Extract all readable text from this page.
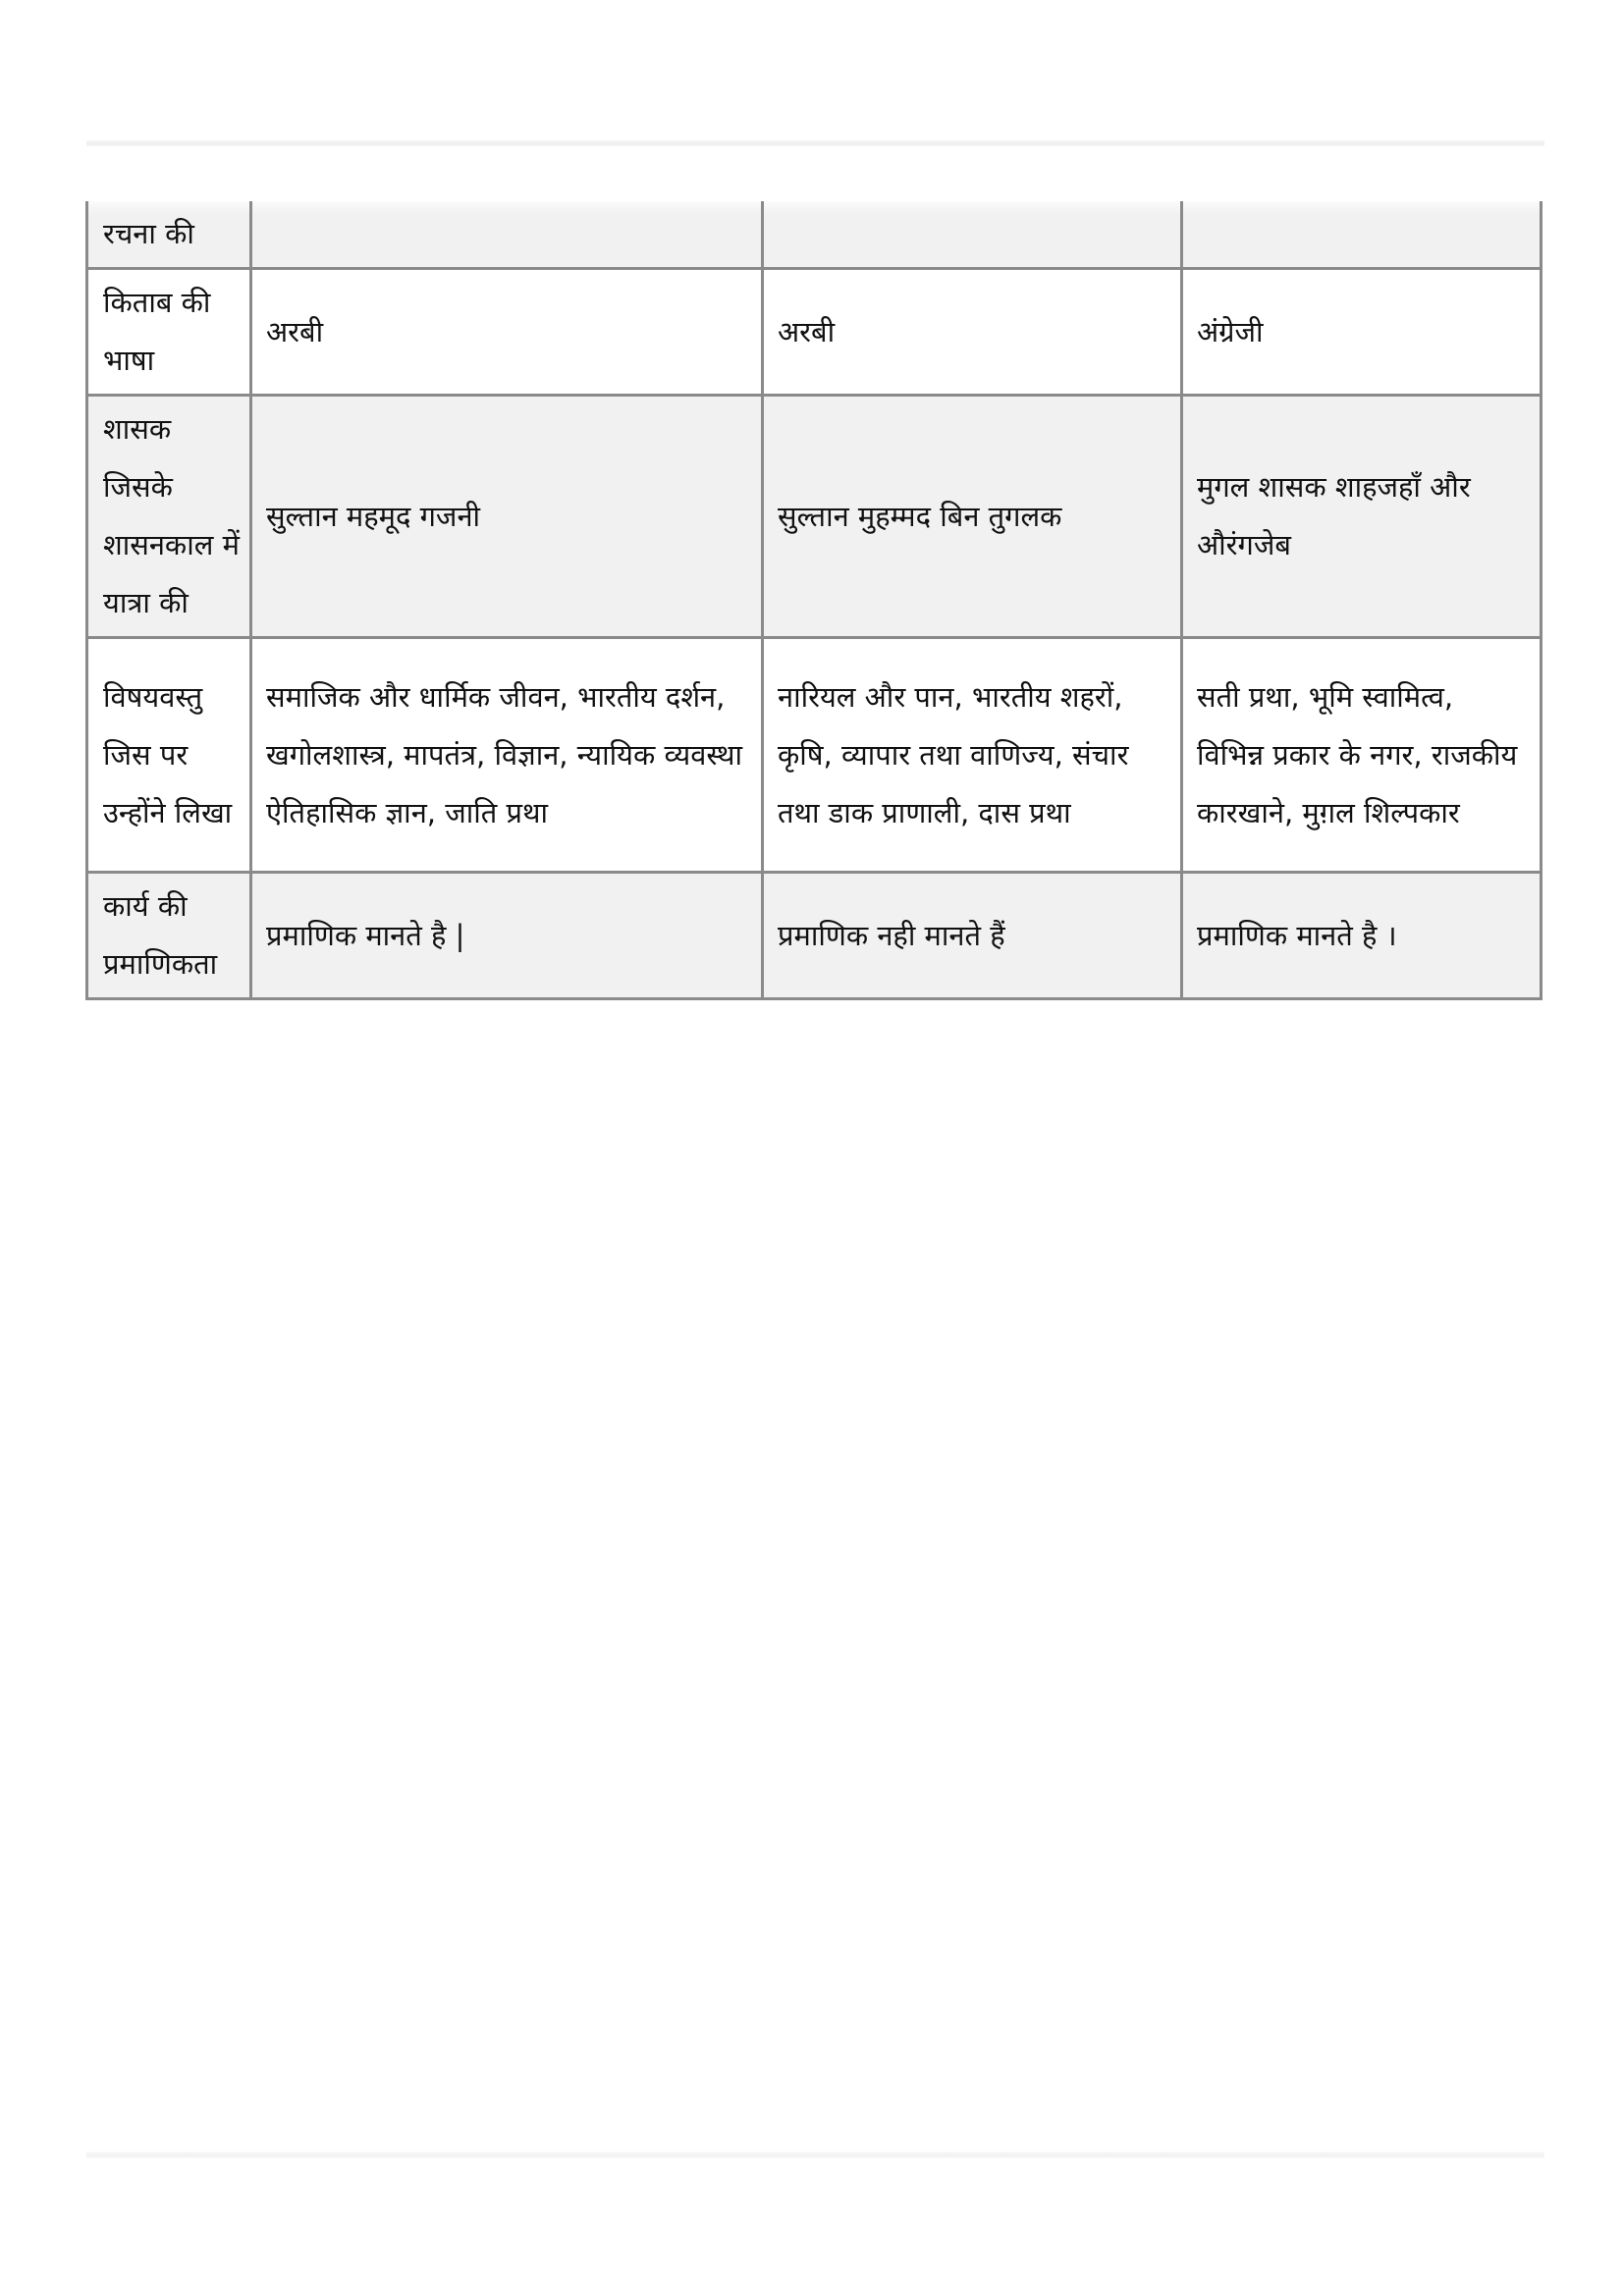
रचना की			

किताब की भाषा	अरबी	अरबी	अंग्रेजी

शासक जिसके शासनकाल में यात्रा की	सुल्तान महमूद गजनी	सुल्तान मुहम्मद बिन तुगलक	मुगल शासक शाहजहाँ और औरंगजेब

विषयवस्तु जिस पर उन्होंने लिखा	समाजिक और धार्मिक जीवन, भारतीय दर्शन, खगोलशास्त्र, मापतंत्र, विज्ञान, न्यायिक व्यवस्था ऐतिहासिक ज्ञान, जाति प्रथा	नारियल और पान, भारतीय शहरों, कृषि, व्यापार तथा वाणिज्य, संचार तथा डाक प्राणाली, दास प्रथा	सती प्रथा, भूमि स्वामित्व, विभिन्न प्रकार के नगर, राजकीय कारखाने, मुग़ल शिल्पकार

कार्य की प्रमाणिकता	प्रमाणिक मानते है |	प्रमाणिक नही मानते हैं	प्रमाणिक मानते है ।
